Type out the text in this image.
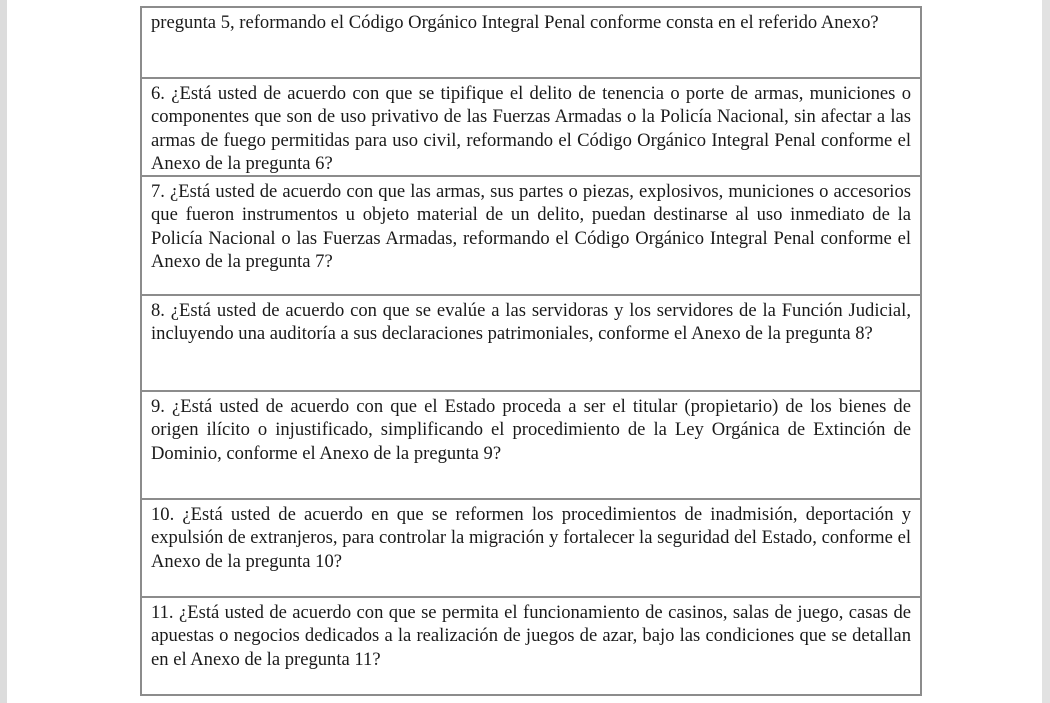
pregunta 5, reformando el Código Orgánico Integral Penal conforme consta en el referido Anexo?
6. ¿Está usted de acuerdo con que se tipifique el delito de tenencia o porte de armas, municiones o componentes que son de uso privativo de las Fuerzas Armadas o la Policía Nacional, sin afectar a las armas de fuego permitidas para uso civil, reformando el Código Orgánico Integral Penal conforme el Anexo de la pregunta 6?
7. ¿Está usted de acuerdo con que las armas, sus partes o piezas, explosivos, municiones o accesorios que fueron instrumentos u objeto material de un delito, puedan destinarse al uso inmediato de la Policía Nacional o las Fuerzas Armadas, reformando el Código Orgánico Integral Penal conforme el Anexo de la pregunta 7?
8. ¿Está usted de acuerdo con que se evalúe a las servidoras y los servidores de la Función Judicial, incluyendo una auditoría a sus declaraciones patrimoniales, conforme el Anexo de la pregunta 8?
9. ¿Está usted de acuerdo con que el Estado proceda a ser el titular (propietario) de los bienes de origen ilícito o injustificado, simplificando el procedimiento de la Ley Orgánica de Extinción de Dominio, conforme el Anexo de la pregunta 9?
10. ¿Está usted de acuerdo en que se reformen los procedimientos de inadmisión, deportación y expulsión de extranjeros, para controlar la migración y fortalecer la seguridad del Estado, conforme el Anexo de la pregunta 10?
11. ¿Está usted de acuerdo con que se permita el funcionamiento de casinos, salas de juego, casas de apuestas o negocios dedicados a la realización de juegos de azar, bajo las condiciones que se detallan en el Anexo de la pregunta 11?
